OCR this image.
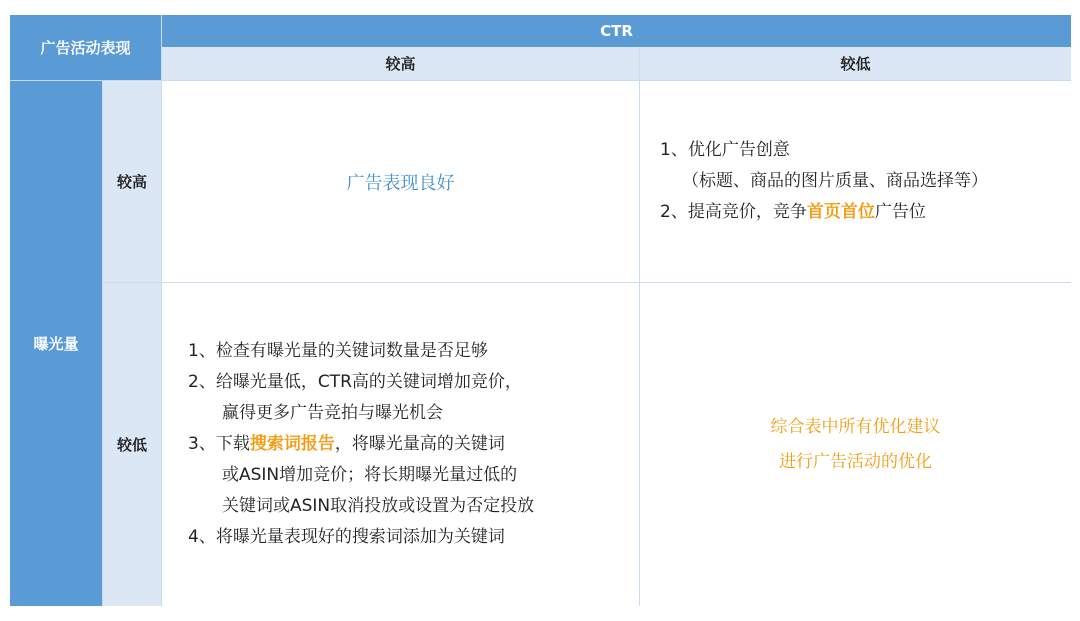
广告活动表现
CTR
较高	较低
曝光量
较高
较低
广告表现良好
1、优化广告创意
（标题、商品的图片质量、商品选择等）
2、提高竞价，竞争首页首位广告位
1、检查有曝光量的关键词数量是否足够
2、给曝光量低，CTR高的关键词增加竞价，
赢得更多广告竞拍与曝光机会
3、下载搜索词报告，将曝光量高的关键词
或ASIN增加竞价；将长期曝光量过低的
关键词或ASIN取消投放或设置为否定投放
4、将曝光量表现好的搜索词添加为关键词
综合表中所有优化建议
进行广告活动的优化
